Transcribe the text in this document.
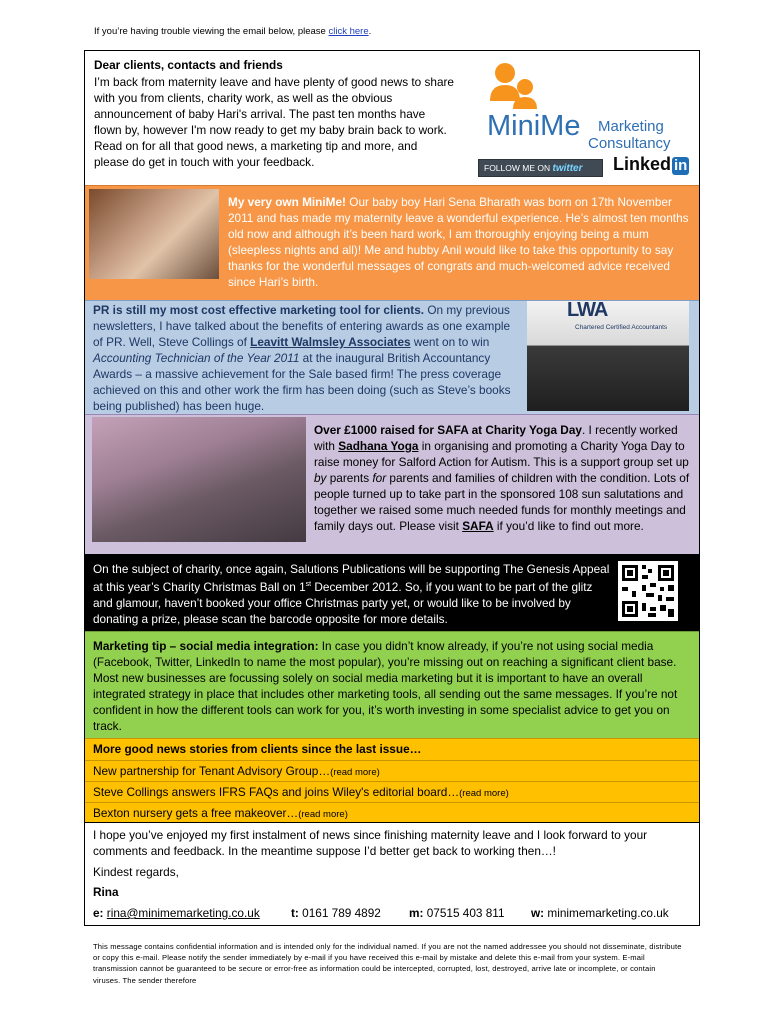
If you’re having trouble viewing the email below, please click here.

Dear clients, contacts and friends

I’m back from maternity leave and have plenty of good news to share with you from clients, charity work, as well as the obvious announcement of baby Hari's arrival. The past ten months have flown by, however I'm now ready to get my baby brain back to work. Read on for all that good news, a marketing tip and more, and please do get in touch with your feedback.

MiniMe Marketing
Consultancy
FOLLOW ME ON twitter	Linked in

My very own MiniMe! Our baby boy Hari Sena Bharath was born on 17th November 2011 and has made my maternity leave a wonderful experience. He’s almost ten months old now and although it’s been hard work, I am thoroughly enjoying being a mum (sleepless nights and all)! Me and hubby Anil would like to take this opportunity to say thanks for the wonderful messages of congrats and much-welcomed advice received since Hari’s birth.

PR is still my most cost effective marketing tool for clients. On my previous newsletters, I have talked about the benefits of entering awards as one example of PR. Well, Steve Collings of Leavitt Walmsley Associates went on to win Accounting Technician of the Year 2011 at the inaugural British Accountancy Awards – a massive achievement for the Sale based firm! The press coverage achieved on this and other work the firm has been doing (such as Steve’s books being published) has been huge.

LWA
Chartered Certified Accountants

Over £1000 raised for SAFA at Charity Yoga Day. I recently worked with Sadhana Yoga in organising and promoting a Charity Yoga Day to raise money for Salford Action for Autism. This is a support group set up by parents for parents and families of children with the condition. Lots of people turned up to take part in the sponsored 108 sun salutations and together we raised some much needed funds for monthly meetings and family days out. Please visit SAFA if you’d like to find out more.

On the subject of charity, once again, Salutions Publications will be supporting The Genesis Appeal at this year’s Charity Christmas Ball on 1st December 2012. So, if you want to be part of the glitz and glamour, haven’t booked your office Christmas party yet, or would like to be involved by donating a prize, please scan the barcode opposite for more details.

Marketing tip – social media integration: In case you didn’t know already, if you’re not using social media (Facebook, Twitter, LinkedIn to name the most popular), you’re missing out on reaching a significant client base. Most new businesses are focussing solely on social media marketing but it is important to have an overall integrated strategy in place that includes other marketing tools, all sending out the same messages. If you’re not confident in how the different tools can work for you, it’s worth investing in some specialist advice to get you on track.

More good news stories from clients since the last issue…
New partnership for Tenant Advisory Group…(read more)
Steve Collings answers IFRS FAQs and joins Wiley's editorial board…(read more)
Bexton nursery gets a free makeover…(read more)

I hope you’ve enjoyed my first instalment of news since finishing maternity leave and I look forward to your comments and feedback. In the meantime suppose I’d better get back to working then…!

Kindest regards,

Rina

e: rina@minimemarketing.co.uk	t: 0161 789 4892 m: 07515 403 811 w: minimemarketing.co.uk
This message contains confidential information and is intended only for the individual named. If you are not the named addressee you should not disseminate, distribute or copy this e-mail. Please notify the sender immediately by e-mail if you have received this e-mail by mistake and delete this e-mail from your system. E-mail transmission cannot be guaranteed to be secure or error-free as information could be intercepted, corrupted, lost, destroyed, arrive late or incomplete, or contain viruses. The sender therefore
